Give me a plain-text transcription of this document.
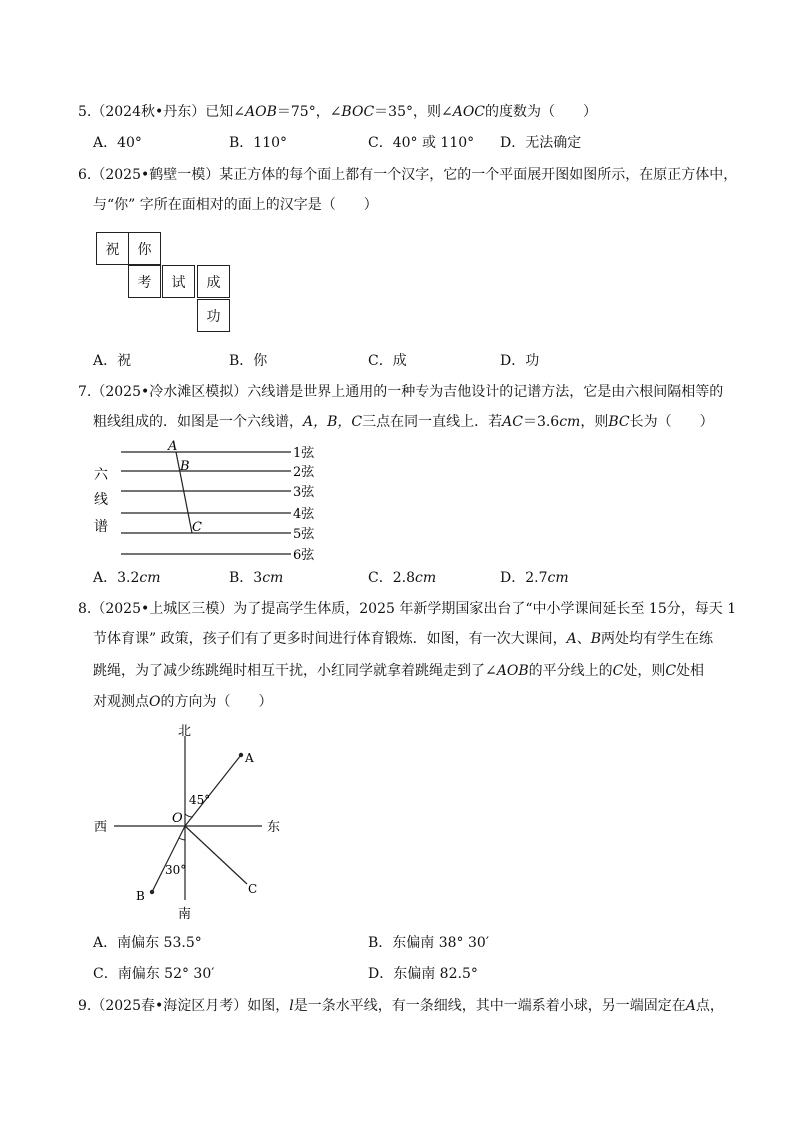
5.（2024秋•丹东）已知∠AOB＝75°，∠BOC＝35°，则∠AOC的度数为（　　）
A．40°	B．110°	C．40° 或 110° D．无法确定
6.（2025•鹤壁一模）某正方体的每个面上都有一个汉字，它的一个平面展开图如图所示，在原正方体中，
与“你” 字所在面相对的面上的汉字是（　　）
祝	你
考	试	成
功
A．祝	B．你	C．成	D．功
7.（2025•冷水滩区模拟）六线谱是世界上通用的一种专为吉他设计的记谱方法，它是由六根间隔相等的
粗线组成的．如图是一个六线谱，A，B，C三点在同一直线上．若AC＝3.6cm，则BC长为（　　）
A
B
C
六
线
谱
1弦
2弦
3弦
4弦
5弦
6弦
A．3.2cm	B．3cm	C．2.8cm	D．2.7cm
8.（2025•上城区三模）为了提高学生体质，2025 年新学期国家出台了“中小学课间延长至 15分，每天 1
节体育课” 政策，孩子们有了更多时间进行体育锻炼．如图，有一次大课间，A、B两处均有学生在练
跳绳，为了减少练跳绳时相互干扰，小红同学就拿着跳绳走到了∠AOB的平分线上的C处，则C处相
对观测点O的方向为（　　）
北
南
西	东
O
A
B	C
45°
30°
A．南偏东 53.5°	B．东偏南 38° 30′
C．南偏东 52° 30′	D．东偏南 82.5°
9.（2025春•海淀区月考）如图，l是一条水平线，有一条细线，其中一端系着小球，另一端固定在A点，
